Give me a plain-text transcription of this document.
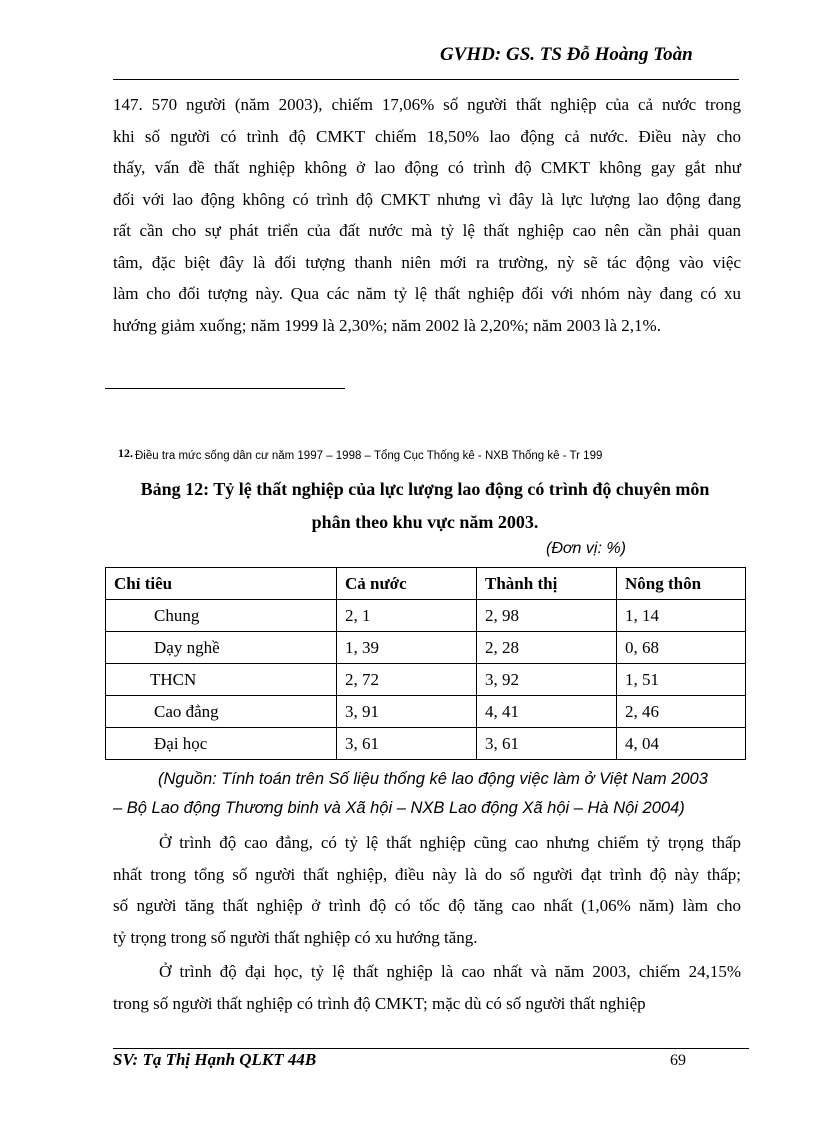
GVHD: GS. TS Đỗ Hoàng Toàn
147. 570 người (năm 2003), chiếm 17,06% số người thất nghiệp của cả nước trong
khi số người có trình độ CMKT chiếm 18,50% lao động cả nước. Điều này cho
thấy, vấn đề thất nghiệp không ở lao động có trình độ CMKT không gay gắt như
đối với lao động không có trình độ CMKT nhưng vì đây là lực lượng lao động đang
rất cần cho sự phát triển của đất nước mà tỷ lệ thất nghiệp cao nên cần phải quan
tâm, đặc biệt đây là đối tượng thanh niên mới ra trường, nỳ sẽ tác động vào việc
làm cho đối tượng này. Qua các năm tỷ lệ thất nghiệp đối với nhóm này đang có xu
hướng giảm xuống; năm 1999 là 2,30%; năm 2002 là 2,20%; năm 2003 là 2,1%.
12. Điều tra mức sống dân cư năm 1997 – 1998 – Tổng Cục Thống kê - NXB Thống kê - Tr 199
Bảng 12: Tỷ lệ thất nghiệp của lực lượng lao động có trình độ chuyên môn
phân theo khu vực năm 2003.
(Đơn vị: %)
Chỉ tiêu	Cả nước	Thành thị	Nông thôn
Chung	2, 1	2, 98	1, 14
Dạy nghề	1, 39	2, 28	0, 68
THCN	2, 72	3, 92	1, 51
Cao đẳng	3, 91	4, 41	2, 46
Đại học	3, 61	3, 61	4, 04
(Nguồn: Tính toán trên Số liệu thống kê lao động việc làm ở Việt Nam 2003
– Bộ Lao động Thương binh và Xã hội – NXB Lao động Xã hội – Hà Nội 2004)
Ở trình độ cao đẳng, có tỷ lệ thất nghiệp cũng cao nhưng chiếm tỷ trọng thấp
nhất trong tổng số người thất nghiệp, điều này là do số người đạt trình độ này thấp;
số người tăng thất nghiệp ở trình độ có tốc độ tăng cao nhất (1,06% năm) làm cho
tỷ trọng trong số người thất nghiệp có xu hướng tăng.
Ở trình độ đại học, tỷ lệ thất nghiệp là cao nhất và năm 2003, chiếm 24,15%
trong số người thất nghiệp có trình độ CMKT; mặc dù có số người thất nghiệp
SV: Tạ Thị Hạnh QLKT 44B	69
